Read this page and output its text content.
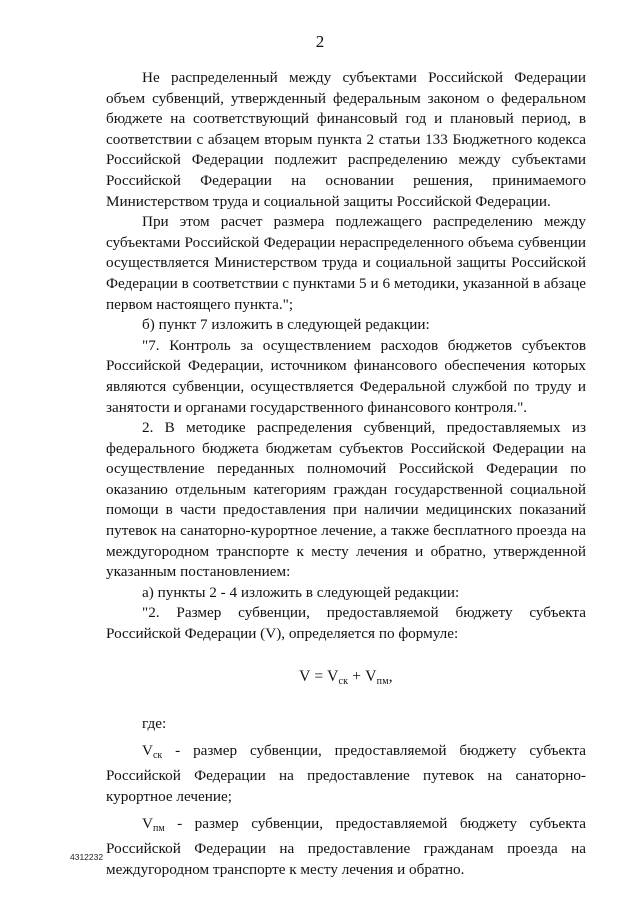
2

Не распределенный между субъектами Российской Федерации объем субвенций, утвержденный федеральным законом о федеральном бюджете на соответствующий финансовый год и плановый период, в соответствии с абзацем вторым пункта 2 статьи 133 Бюджетного кодекса Российской Федерации подлежит распределению между субъектами Российской Федерации на основании решения, принимаемого Министерством труда и социальной защиты Российской Федерации.

При этом расчет размера подлежащего распределению между субъектами Российской Федерации нераспределенного объема субвенции осуществляется Министерством труда и социальной защиты Российской Федерации в соответствии с пунктами 5 и 6 методики, указанной в абзаце первом настоящего пункта.";

б) пункт 7 изложить в следующей редакции:

"7. Контроль за осуществлением расходов бюджетов субъектов Российской Федерации, источником финансового обеспечения которых являются субвенции, осуществляется Федеральной службой по труду и занятости и органами государственного финансового контроля.".

2. В методике распределения субвенций, предоставляемых из федерального бюджета бюджетам субъектов Российской Федерации на осуществление переданных полномочий Российской Федерации по оказанию отдельным категориям граждан государственной социальной помощи в части предоставления при наличии медицинских показаний путевок на санаторно-курортное лечение, а также бесплатного проезда на междугородном транспорте к месту лечения и обратно, утвержденной указанным постановлением:

а) пункты 2 - 4 изложить в следующей редакции:

"2. Размер субвенции, предоставляемой бюджету субъекта Российской Федерации (V), определяется по формуле:

$V = V_{ск} + V_{пм}$,

где:

$V_{ск}$ - размер субвенции, предоставляемой бюджету субъекта Российской Федерации на предоставление путевок на санаторно-курортное лечение;

$V_{пм}$ - размер субвенции, предоставляемой бюджету субъекта Российской Федерации на предоставление гражданам проезда на междугородном транспорте к месту лечения и обратно.

4312232
